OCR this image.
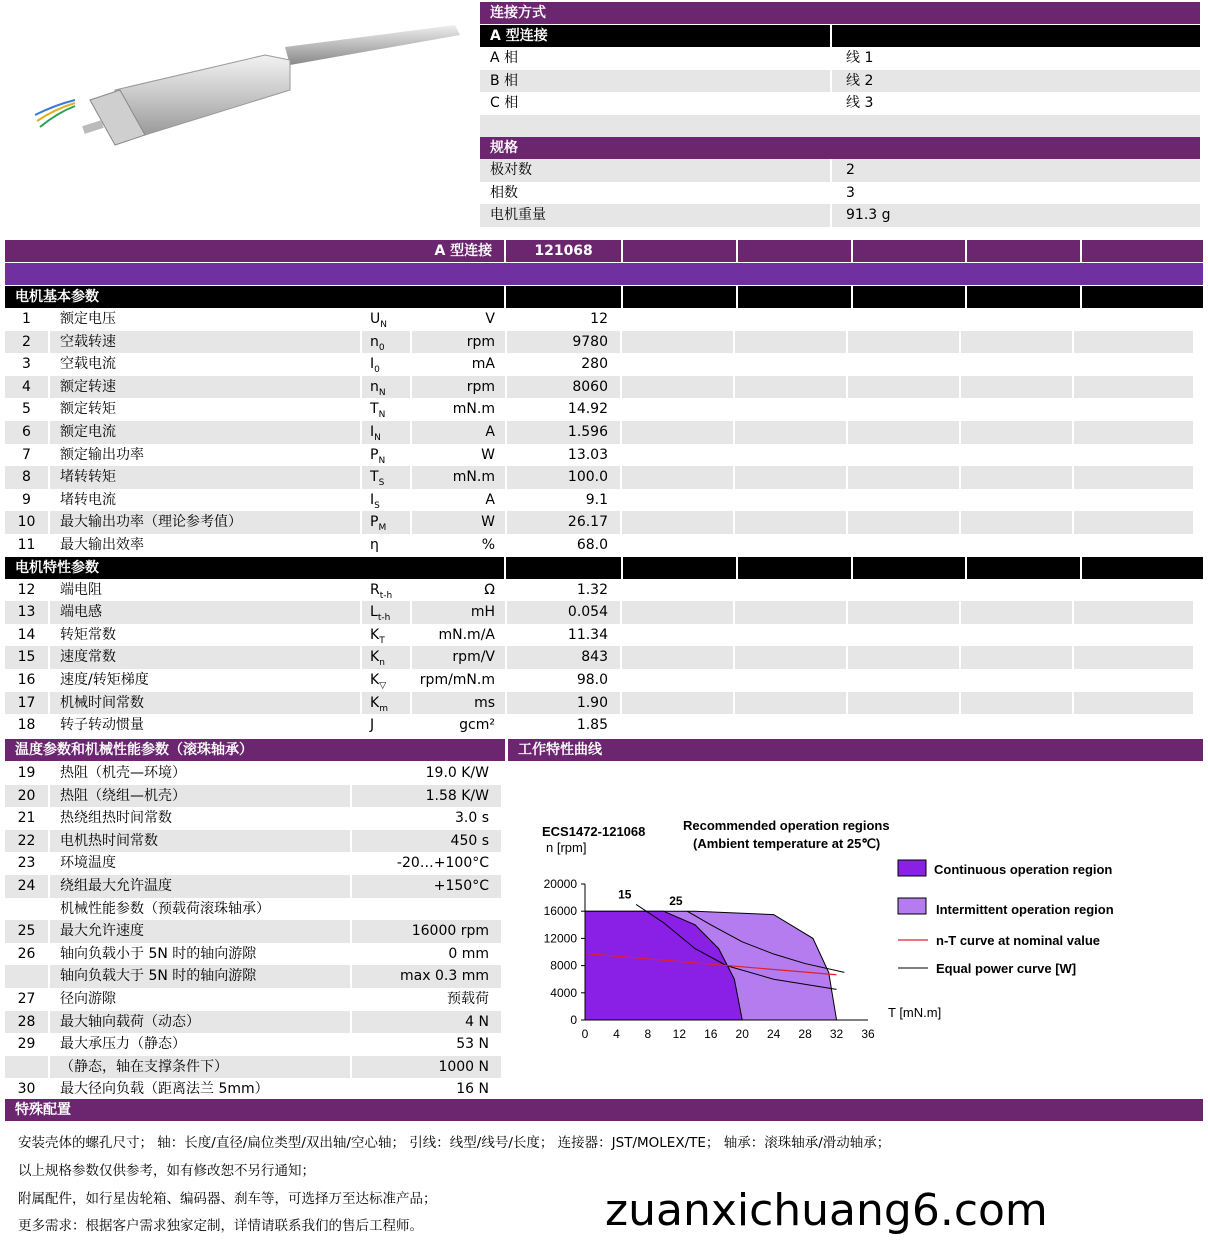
连接方式
A 型连接
A 相	线 1
B 相	线 2
C 相	线 3
规格
极对数	2
相数	3
电机重量	91.3 g
A 型连接	121068
电机基本参数
1	额定电压	$U_N$	V	12
2	空载转速	$n_0$	rpm	9780
3	空载电流	$I_0$	mA	280
4	额定转速	$n_N$	rpm	8060
5	额定转矩	$T_N$	mN.m	14.92
6	额定电流	$I_N$	A	1.596
7	额定输出功率	$P_N$	W	13.03
8	堵转转矩	$T_S$	mN.m	100.0
9	堵转电流	$I_S$	A	9.1
10	最大输出功率（理论参考值）	$P_M$	W	26.17
11	最大输出效率	η	%	68.0
电机特性参数
12	端电阻	$R_{t-h}$	Ω	1.32
13	端电感	$L_{t-h}$	mH	0.054
14	转矩常数	$K_T$	mN.m/A	11.34
15	速度常数	$K_n$	rpm/V	843
16	速度/转矩梯度	$K_▽$	rpm/mN.m	98.0
17	机械时间常数	$K_m$	ms	1.90
18	转子转动惯量	J	gcm²	1.85
温度参数和机械性能参数（滚珠轴承）
19	热阻（机壳—环境）	19.0 K/W
20	热阻（绕组—机壳）	1.58 K/W
21	热绕组热时间常数	3.0 s
22	电机热时间常数	450 s
23	环境温度	-20…+100°C
24	绕组最大允许温度	+150°C
机械性能参数（预载荷滚珠轴承）
25	最大允许速度	16000 rpm
26	轴向负载小于 5N 时的轴向游隙	0 mm
轴向负载大于 5N 时的轴向游隙	max 0.3 mm
27	径向游隙	预载荷
28	最大轴向载荷（动态）	4 N
29	最大承压力（静态）	53 N
（静态，轴在支撑条件下）	1000 N
30	最大径向负载（距离法兰 5mm）	16 N
工作特性曲线
15	25
0 4 8 12 16 20 24 28 32 36
0
4000
8000
12000
16000
20000
ECS1472-121068
n [rpm]
Recommended operation regions
(Ambient temperature at 25℃)
T [mN.m]
Continuous operation region
Intermittent operation region
n-T curve at nominal value
Equal power curve [W]
特殊配置
安装壳体的螺孔尺寸； 轴：长度/直径/扁位类型/双出轴/空心轴； 引线：线型/线号/长度； 连接器：JST/MOLEX/TE； 轴承：滚珠轴承/滑动轴承；
以上规格参数仅供参考，如有修改恕不另行通知；
附属配件，如行星齿轮箱、编码器、刹车等，可选择万至达标准产品；
更多需求：根据客户需求独家定制，详情请联系我们的售后工程师。	zuanxichuang6.com
